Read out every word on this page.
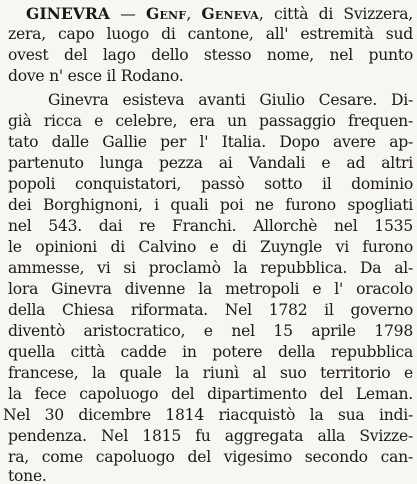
GINEVRA — Genf, Geneva, città di Svizzera,
zera, capo luogo di cantone, all' estremità sud
ovest del lago dello stesso nome, nel punto
dove n' esce il Rodano.
Ginevra esisteva avanti Giulio Cesare. Di-
già ricca e celebre, era un passaggio frequen-
tato dalle Gallie per l' Italia. Dopo avere ap-
partenuto lunga pezza ai Vandali e ad altri
popoli conquistatori, passò sotto il dominio
dei Borghignoni, i quali poi ne furono spogliati
nel 543. dai re Franchi. Allorchè nel 1535
le opinioni di Calvino e di Zuyngle vi furono
ammesse, vi si proclamò la repubblica. Da al-
lora Ginevra divenne la metropoli e l' oracolo
della Chiesa riformata. Nel 1782 il governo
diventò aristocratico, e nel 15 aprile 1798
quella città cadde in potere della repubblica
francese, la quale la riunì al suo territorio e
la fece capoluogo del dipartimento del Leman.
Nel 30 dicembre 1814 riacquistò la sua indi-
pendenza. Nel 1815 fu aggregata alla Svizze-
ra, come capoluogo del vigesimo secondo can-
tone.
